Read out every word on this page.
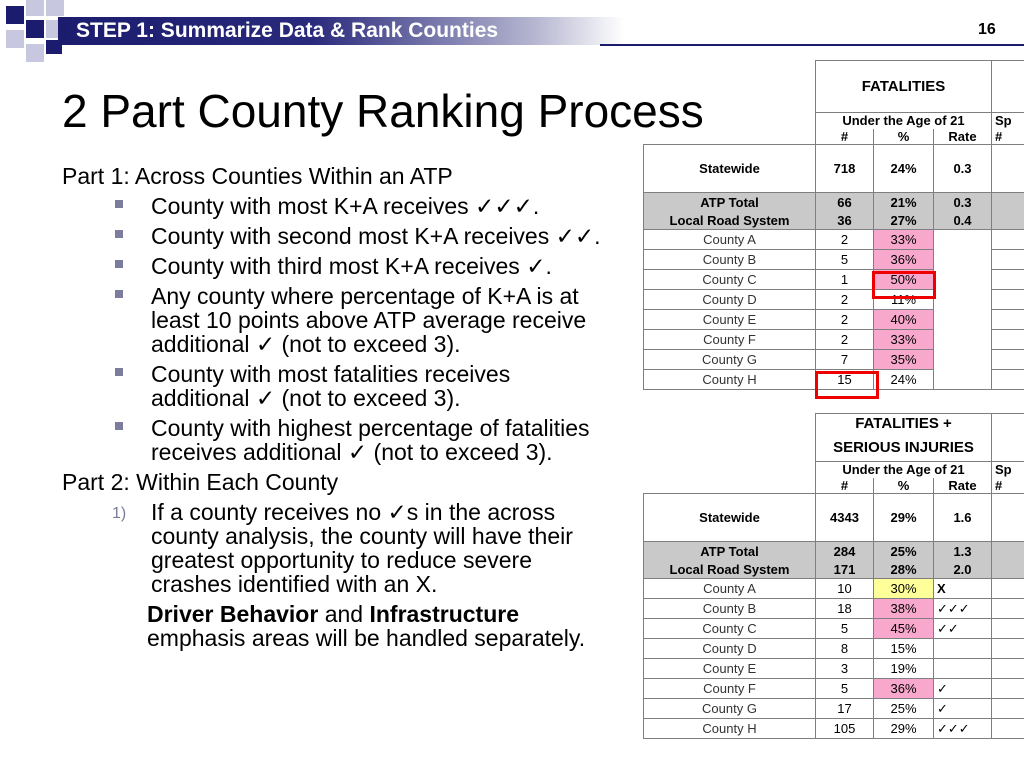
STEP 1: Summarize Data & Rank Counties	16
2 Part County Ranking Process
Part 1: Across Counties Within an ATP
County with most K+A receives ✓✓✓.
County with second most K+A receives ✓✓.
County with third most K+A receives ✓.
Any county where percentage of K+A is at least 10 points above ATP average receive additional ✓ (not to exceed 3).
County with most fatalities receives additional ✓ (not to exceed 3).
County with highest percentage of fatalities receives additional ✓ (not to exceed 3).
Part 2: Within Each County
1) If a county receives no ✓s in the across county analysis, the county will have their greatest opportunity to reduce severe crashes identified with an X.

Driver Behavior and Infrastructure
emphasis areas will be handled separately.

	FATALITIES			
	Under the Age of 21			Sp
	#	%	Rate	#
Statewide	718	24%	0.3	
ATP Total	66	21%	0.3	
Local Road System	36	27%	0.4	
County A	2	33%		
County B	5	36%		
County C	1	50%		
County D	2	11%		
County E	2	40%		
County F	2	33%		
County G	7	35%		
County H	15	24%		
	FATALITIES +			
	SERIOUS INJURIES			
	Under the Age of 21			Sp
	#	%	Rate	#
Statewide	4343	29%	1.6	
ATP Total	284	25%	1.3	
Local Road System	171	28%	2.0	
County A	10	30%	X	
County B	18	38%	✓✓✓	
County C	5	45%	✓✓	
County D	8	15%		
County E	3	19%		
County F	5	36%	✓	
County G	17	25%	✓	
County H	105	29%	✓✓✓	
